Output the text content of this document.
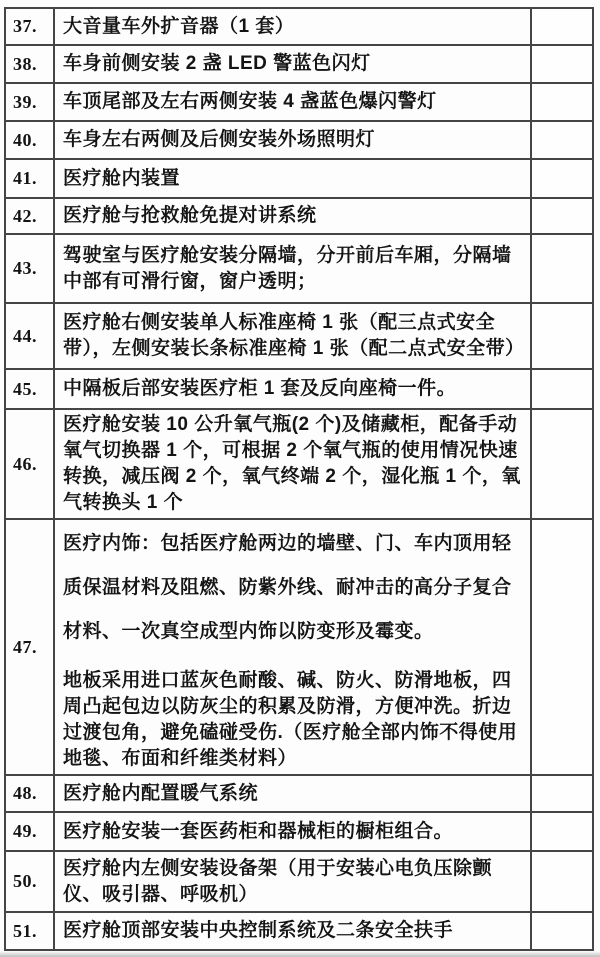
37.	大音量车外扩音器（1 套）	
38.	车身前侧安装 2 盏 LED 警蓝色闪灯	
39.	车顶尾部及左右两侧安装 4 盏蓝色爆闪警灯	
40.	车身左右两侧及后侧安装外场照明灯	
41.	医疗舱内装置	
42.	医疗舱与抢救舱免提对讲系统	
43.	驾驶室与医疗舱安装分隔墙，分开前后车厢，分隔墙中部有可滑行窗，窗户透明；	
44.	医疗舱右侧安装单人标准座椅 1 张（配三点式安全带），左侧安装长条标准座椅 1 张（配二点式安全带）	
45.	中隔板后部安装医疗柜 1 套及反向座椅一件。	
46.	医疗舱安装 10 公升氧气瓶(2 个)及储藏柜，配备手动氧气切换器 1 个，可根据 2 个氧气瓶的使用情况快速转换，减压阀 2 个，氧气终端 2 个，湿化瓶 1 个，氧气转换头 1 个	
47.	医疗内饰：包括医疗舱两边的墙壁、门、车内顶用轻质保温材料及阻燃、防紫外线、耐冲击的高分子复合材料、一次真空成型内饰以防变形及霉变。

地板采用进口蓝灰色耐酸、碱、防火、防滑地板，四周凸起包边以防灰尘的积累及防滑，方便冲洗。折边过渡包角，避免磕碰受伤.（医疗舱全部内饰不得使用地毯、布面和纤维类材料）	

48.	医疗舱内配置暖气系统	
49.	医疗舱安装一套医药柜和器械柜的橱柜组合。	
50.	医疗舱内左侧安装设备架（用于安装心电负压除颤仪、吸引器、呼吸机）	
51.	医疗舱顶部安装中央控制系统及二条安全扶手	
